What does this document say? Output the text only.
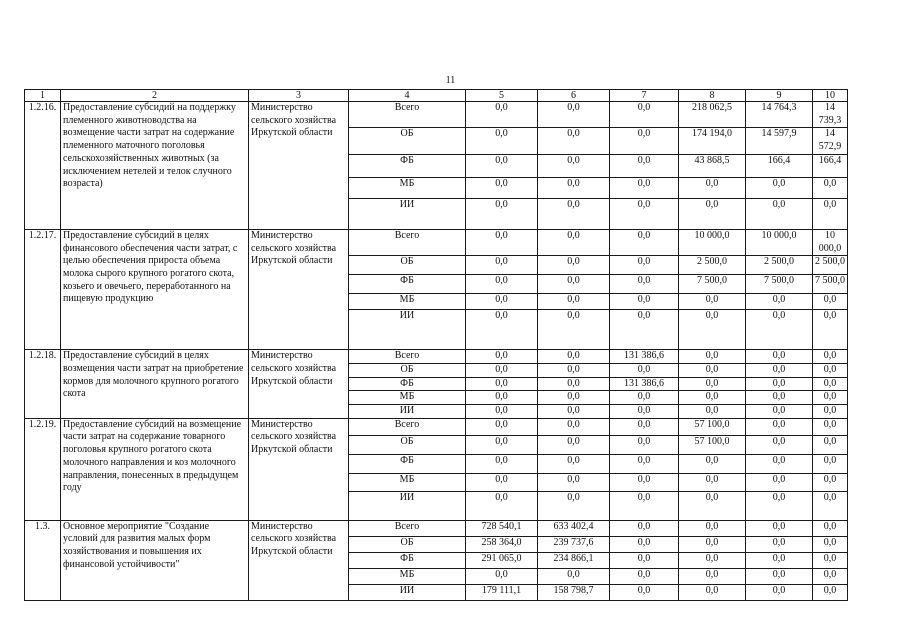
11
1	2	3	4	5	6	7	8	9	10
1.2.16.	Предоставление субсидий на поддержку племенного животноводства на возмещение части затрат на содержание племенного маточного поголовья сельскохозяйственных животных (за исключением нетелей и телок случного возраста)	Министерство сельского хозяйства Иркутской области	Всего	0,0	0,0	0,0	218 062,5	14 764,3	14 739,3
			ОБ	0,0	0,0	0,0	174 194,0	14 597,9	14 572,9
			ФБ	0,0	0,0	0,0	43 868,5	166,4	166,4
			МБ	0,0	0,0	0,0	0,0	0,0	0,0
			ИИ	0,0	0,0	0,0	0,0	0,0	0,0
1.2.17.	Предоставление субсидий в целях финансового обеспечения части затрат, с целью обеспечения прироста объема молока сырого крупного рогатого скота, козьего и овечьего, переработанного на пищевую продукцию	Министерство сельского хозяйства Иркутской области	Всего	0,0	0,0	0,0	10 000,0	10 000,0	10 000,0
			ОБ	0,0	0,0	0,0	2 500,0	2 500,0	2 500,0
			ФБ	0,0	0,0	0,0	7 500,0	7 500,0	7 500,0
			МБ	0,0	0,0	0,0	0,0	0,0	0,0
			ИИ	0,0	0,0	0,0	0,0	0,0	0,0
1.2.18.	Предоставление субсидий в целях возмещения части затрат на приобретение кормов для молочного крупного рогатого скота	Министерство сельского хозяйства Иркутской области	Всего	0,0	0,0	131 386,6	0,0	0,0	0,0
			ОБ	0,0	0,0	0,0	0,0	0,0	0,0
			ФБ	0,0	0,0	131 386,6	0,0	0,0	0,0
			МБ	0,0	0,0	0,0	0,0	0,0	0,0
			ИИ	0,0	0,0	0,0	0,0	0,0	0,0
1.2.19.	Предоставление субсидий на возмещение части затрат на содержание товарного поголовья крупного рогатого скота молочного направления и коз молочного направления, понесенных в предыдущем году	Министерство сельского хозяйства Иркутской области	Всего	0,0	0,0	0,0	57 100,0	0,0	0,0
			ОБ	0,0	0,0	0,0	57 100,0	0,0	0,0
			ФБ	0,0	0,0	0,0	0,0	0,0	0,0
			МБ	0,0	0,0	0,0	0,0	0,0	0,0
			ИИ	0,0	0,0	0,0	0,0	0,0	0,0
1.3.	Основное мероприятие "Создание условий для развития малых форм хозяйствования и повышения их финансовой устойчивости"	Министерство сельского хозяйства Иркутской области	Всего	728 540,1	633 402,4	0,0	0,0	0,0	0,0
			ОБ	258 364,0	239 737,6	0,0	0,0	0,0	0,0
			ФБ	291 065,0	234 866,1	0,0	0,0	0,0	0,0
			МБ	0,0	0,0	0,0	0,0	0,0	0,0
			ИИ	179 111,1	158 798,7	0,0	0,0	0,0	0,0
